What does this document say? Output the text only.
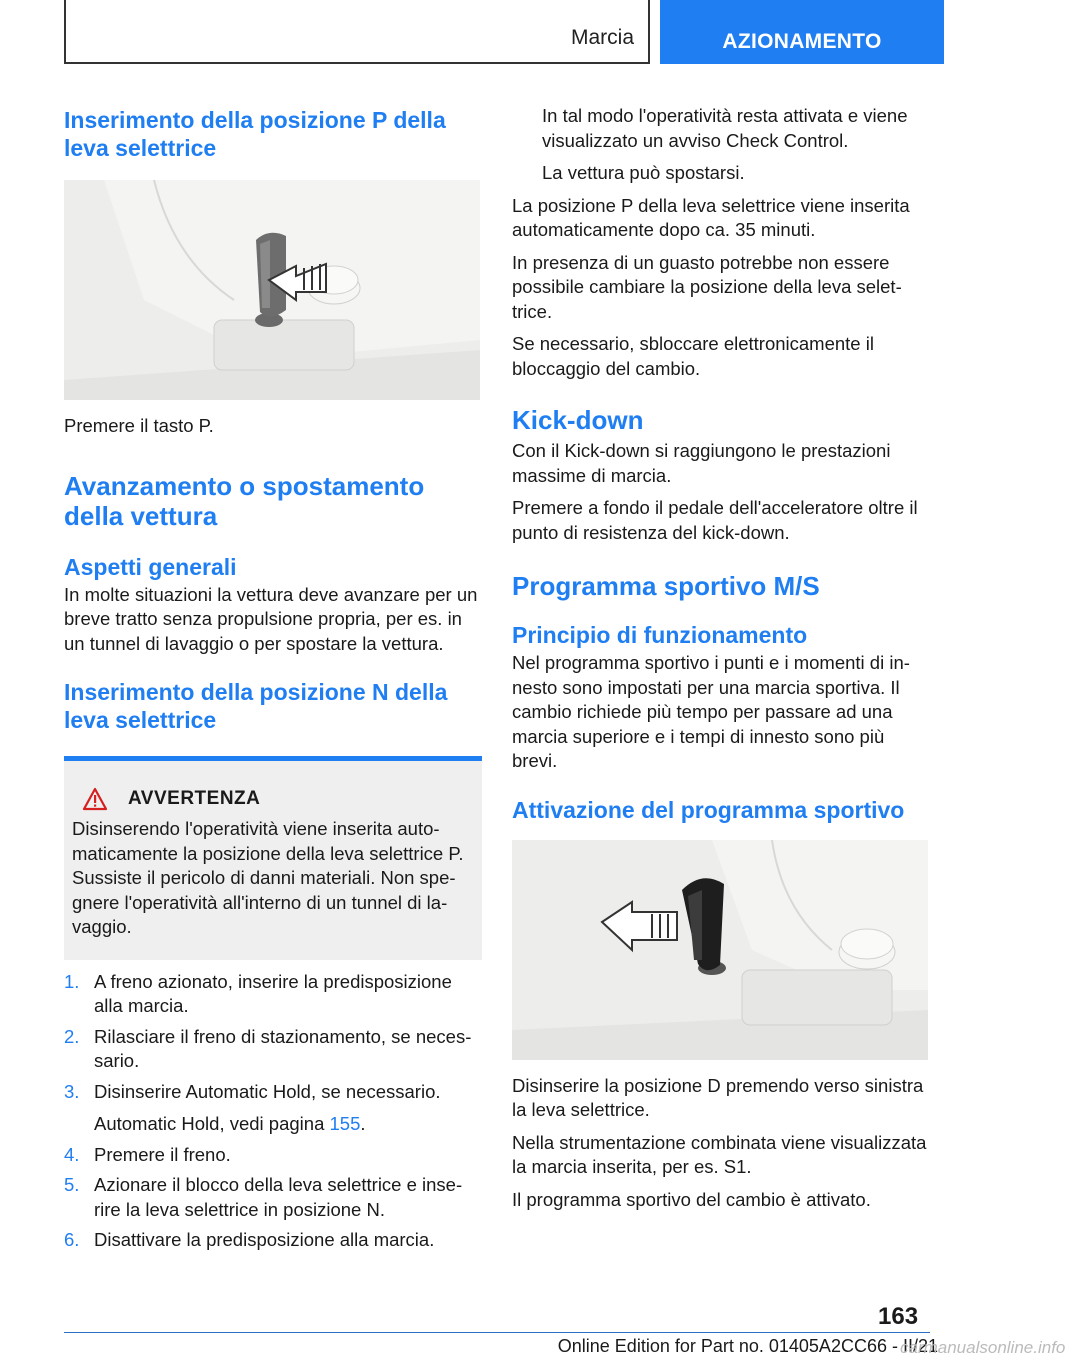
Marcia	AZIONAMENTO
Inserimento della posizione P della leva selettrice

Premere il tasto P.

Avanzamento o spostamento della vettura
Aspetti generali

In molte situazioni la vettura deve avanzare per un breve tratto senza propulsione propria, per es. in un tunnel di lavaggio o per spostare la vettura.

Inserimento della posizione N della leva selettrice
AVVERTENZA

Disinserendo l'operatività viene inserita automaticamente la posizione della leva selettrice P. Sussiste il pericolo di danni materiali. Non spegnere l'operatività all'interno di un tunnel di lavaggio.

1. A freno azionato, inserire la predisposizione alla marcia.

2. Rilasciare il freno di stazionamento, se necessario.

3. Disinserire Automatic Hold, se necessario.

Automatic Hold, vedi pagina 155.

4. Premere il freno.

5. Azionare il blocco della leva selettrice e inserire la leva selettrice in posizione N.

6. Disattivare la predisposizione alla marcia.

In tal modo l'operatività resta attivata e viene visualizzato un avviso Check Control.

La vettura può spostarsi.

La posizione P della leva selettrice viene inserita automaticamente dopo ca. 35 minuti.

In presenza di un guasto potrebbe non essere possibile cambiare la posizione della leva selettrice.

Se necessario, sbloccare elettronicamente il bloccaggio del cambio.

Kick-down

Con il Kick-down si raggiungono le prestazioni massime di marcia.

Premere a fondo il pedale dell'acceleratore oltre il punto di resistenza del kick-down.

Programma sportivo M/S
Principio di funzionamento

Nel programma sportivo i punti e i momenti di innesto sono impostati per una marcia sportiva. Il cambio richiede più tempo per passare ad una marcia superiore e i tempi di innesto sono più brevi.

Attivazione del programma sportivo

Disinserire la posizione D premendo verso sinistra la leva selettrice.

Nella strumentazione combinata viene visualizzata la marcia inserita, per es. S1.

Il programma sportivo del cambio è attivato.

163
Online Edition for Part no. 01405A2CC66 - II/21
carmanualsonline.info
